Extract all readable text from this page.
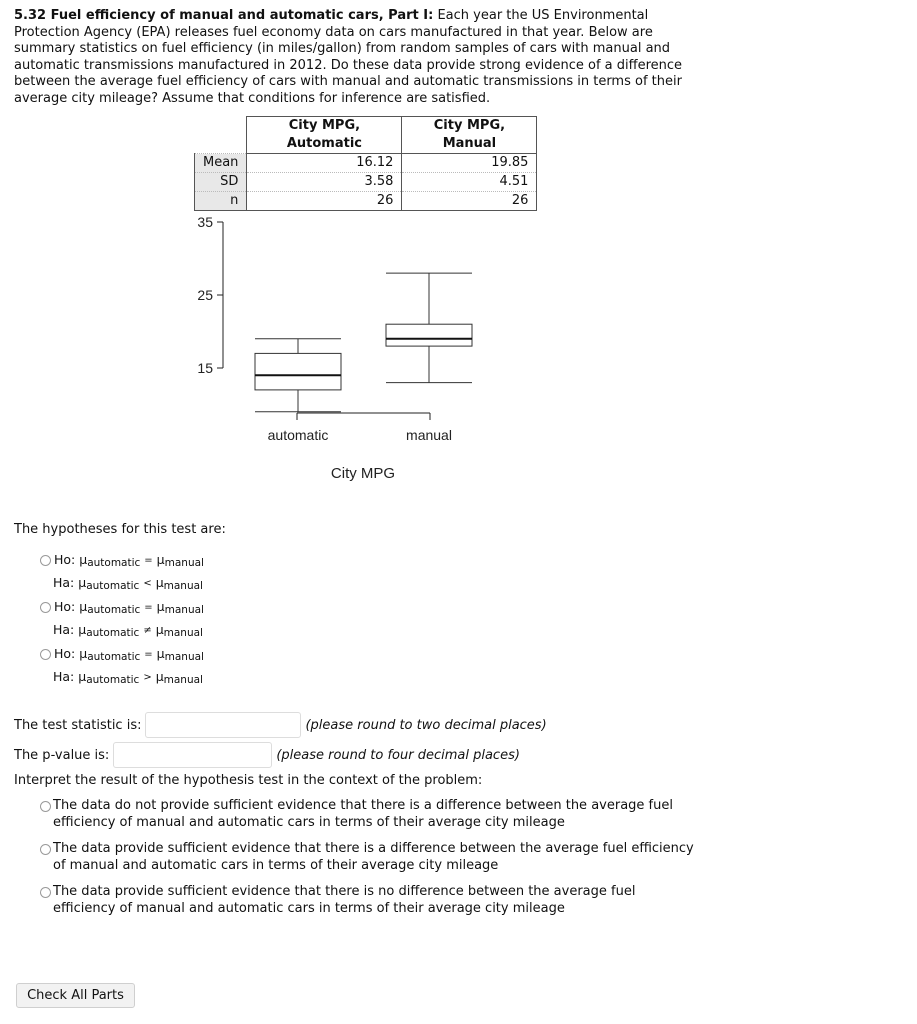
5.32 Fuel efficiency of manual and automatic cars, Part I: Each year the US Environmental Protection Agency (EPA) releases fuel economy data on cars manufactured in that year. Below are summary statistics on fuel efficiency (in miles/gallon) from random samples of cars with manual and automatic transmissions manufactured in 2012. Do these data provide strong evidence of a difference between the average fuel efficiency of cars with manual and automatic transmissions in terms of their average city mileage? Assume that conditions for inference are satisfied.
	City MPG, Automatic	City MPG, Manual
Mean	16.12	19.85
SD	3.58	4.51
n	26	26
35
25
15
automatic	manual
City MPG
The hypotheses for this test are:
Ho: $\mu_{automatic} = \mu_{manual}$
Ha: $\mu_{automatic} < \mu_{manual}$
Ho: $\mu_{automatic} = \mu_{manual}$
Ha: $\mu_{automatic} \ne \mu_{manual}$
Ho: $\mu_{automatic} = \mu_{manual}$
Ha: $\mu_{automatic} > \mu_{manual}$
The test statistic is:	(please round to two decimal places)
The p-value is:	(please round to four decimal places)
Interpret the result of the hypothesis test in the context of the problem:
The data do not provide sufficient evidence that there is a difference between the average fuel efficiency of manual and automatic cars in terms of their average city mileage
The data provide sufficient evidence that there is a difference between the average fuel efficiency of manual and automatic cars in terms of their average city mileage
The data provide sufficient evidence that there is no difference between the average fuel efficiency of manual and automatic cars in terms of their average city mileage
Check All Parts
